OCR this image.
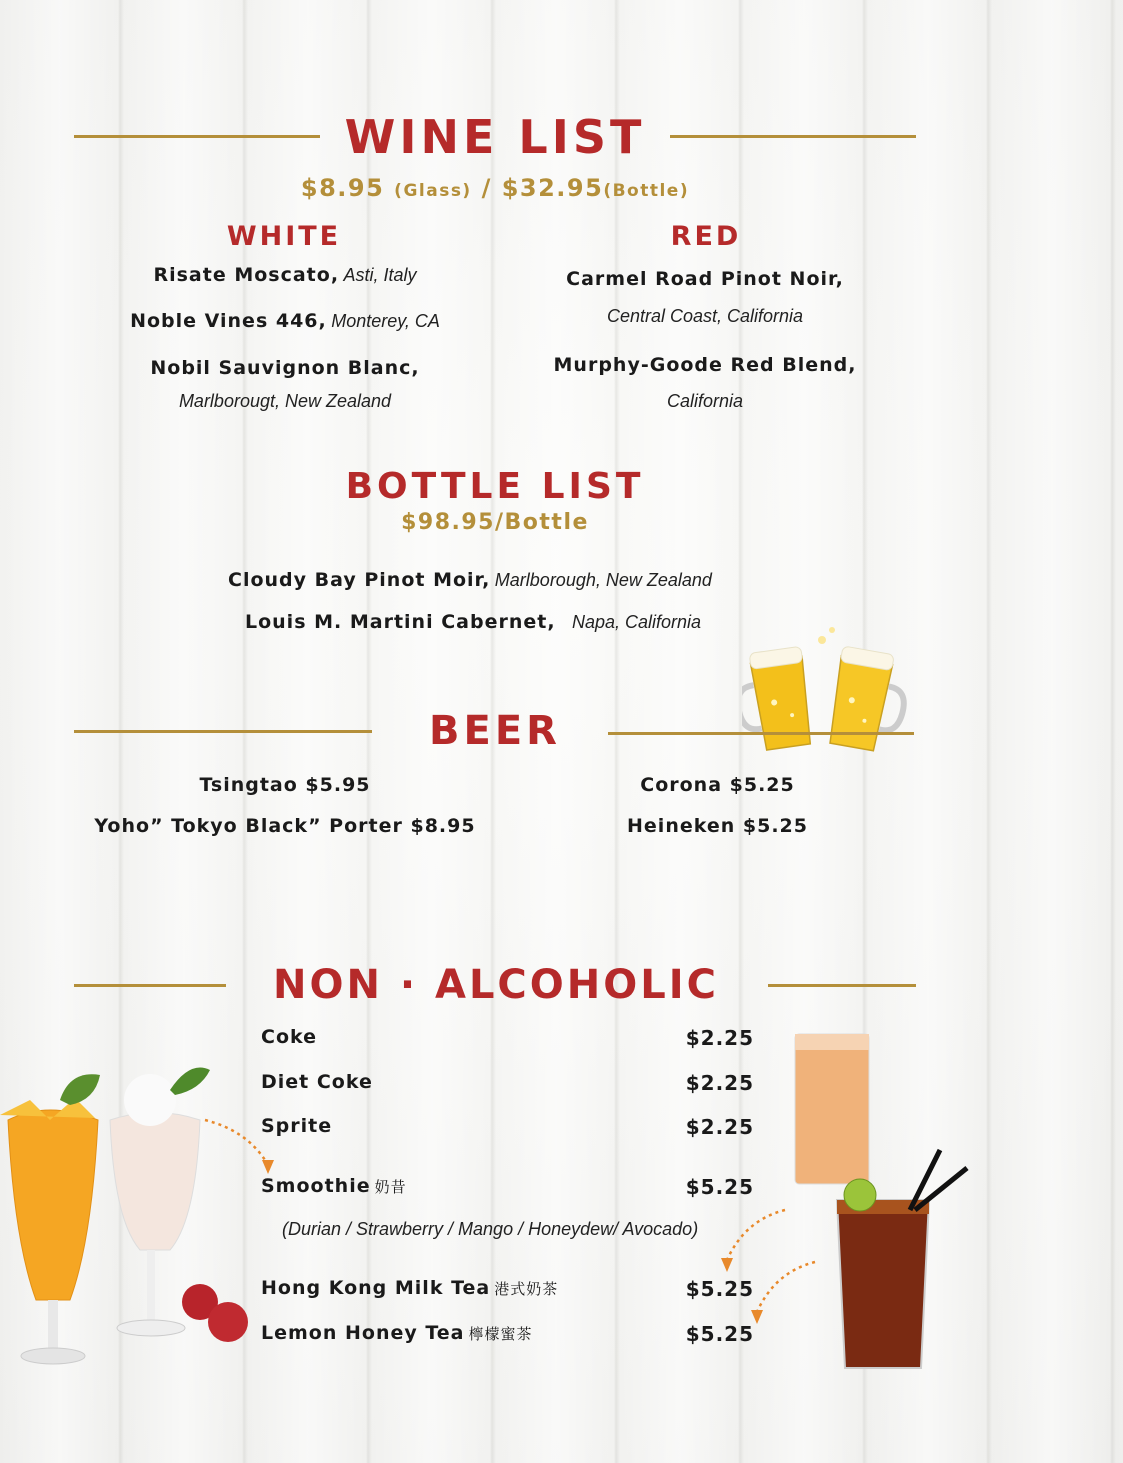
WINE LIST
$8.95 (Glass) / $32.95(Bottle)
WHITE
Risate Moscato, Asti, Italy
Noble Vines 446, Monterey, CA
Nobil Sauvignon Blanc,
Marlborougt, New Zealand
RED
Carmel Road Pinot Noir,
Central Coast, California
Murphy-Goode Red Blend,
California
BOTTLE LIST
$98.95/Bottle
Cloudy Bay Pinot Moir, Marlborough, New Zealand
Louis M. Martini Cabernet, Napa, California
BEER
Tsingtao $5.95
Yoho” Tokyo Black” Porter $8.95
Corona $5.25
Heineken $5.25
NON · ALCOHOLIC
Coke	$2.25
Diet Coke	$2.25
Sprite	$2.25
Smoothie 奶昔	$5.25
(Durian / Strawberry / Mango / Honeydew/ Avocado)
Hong Kong Milk Tea 港式奶茶	$5.25
Lemon Honey Tea 檸檬蜜茶	$5.25
